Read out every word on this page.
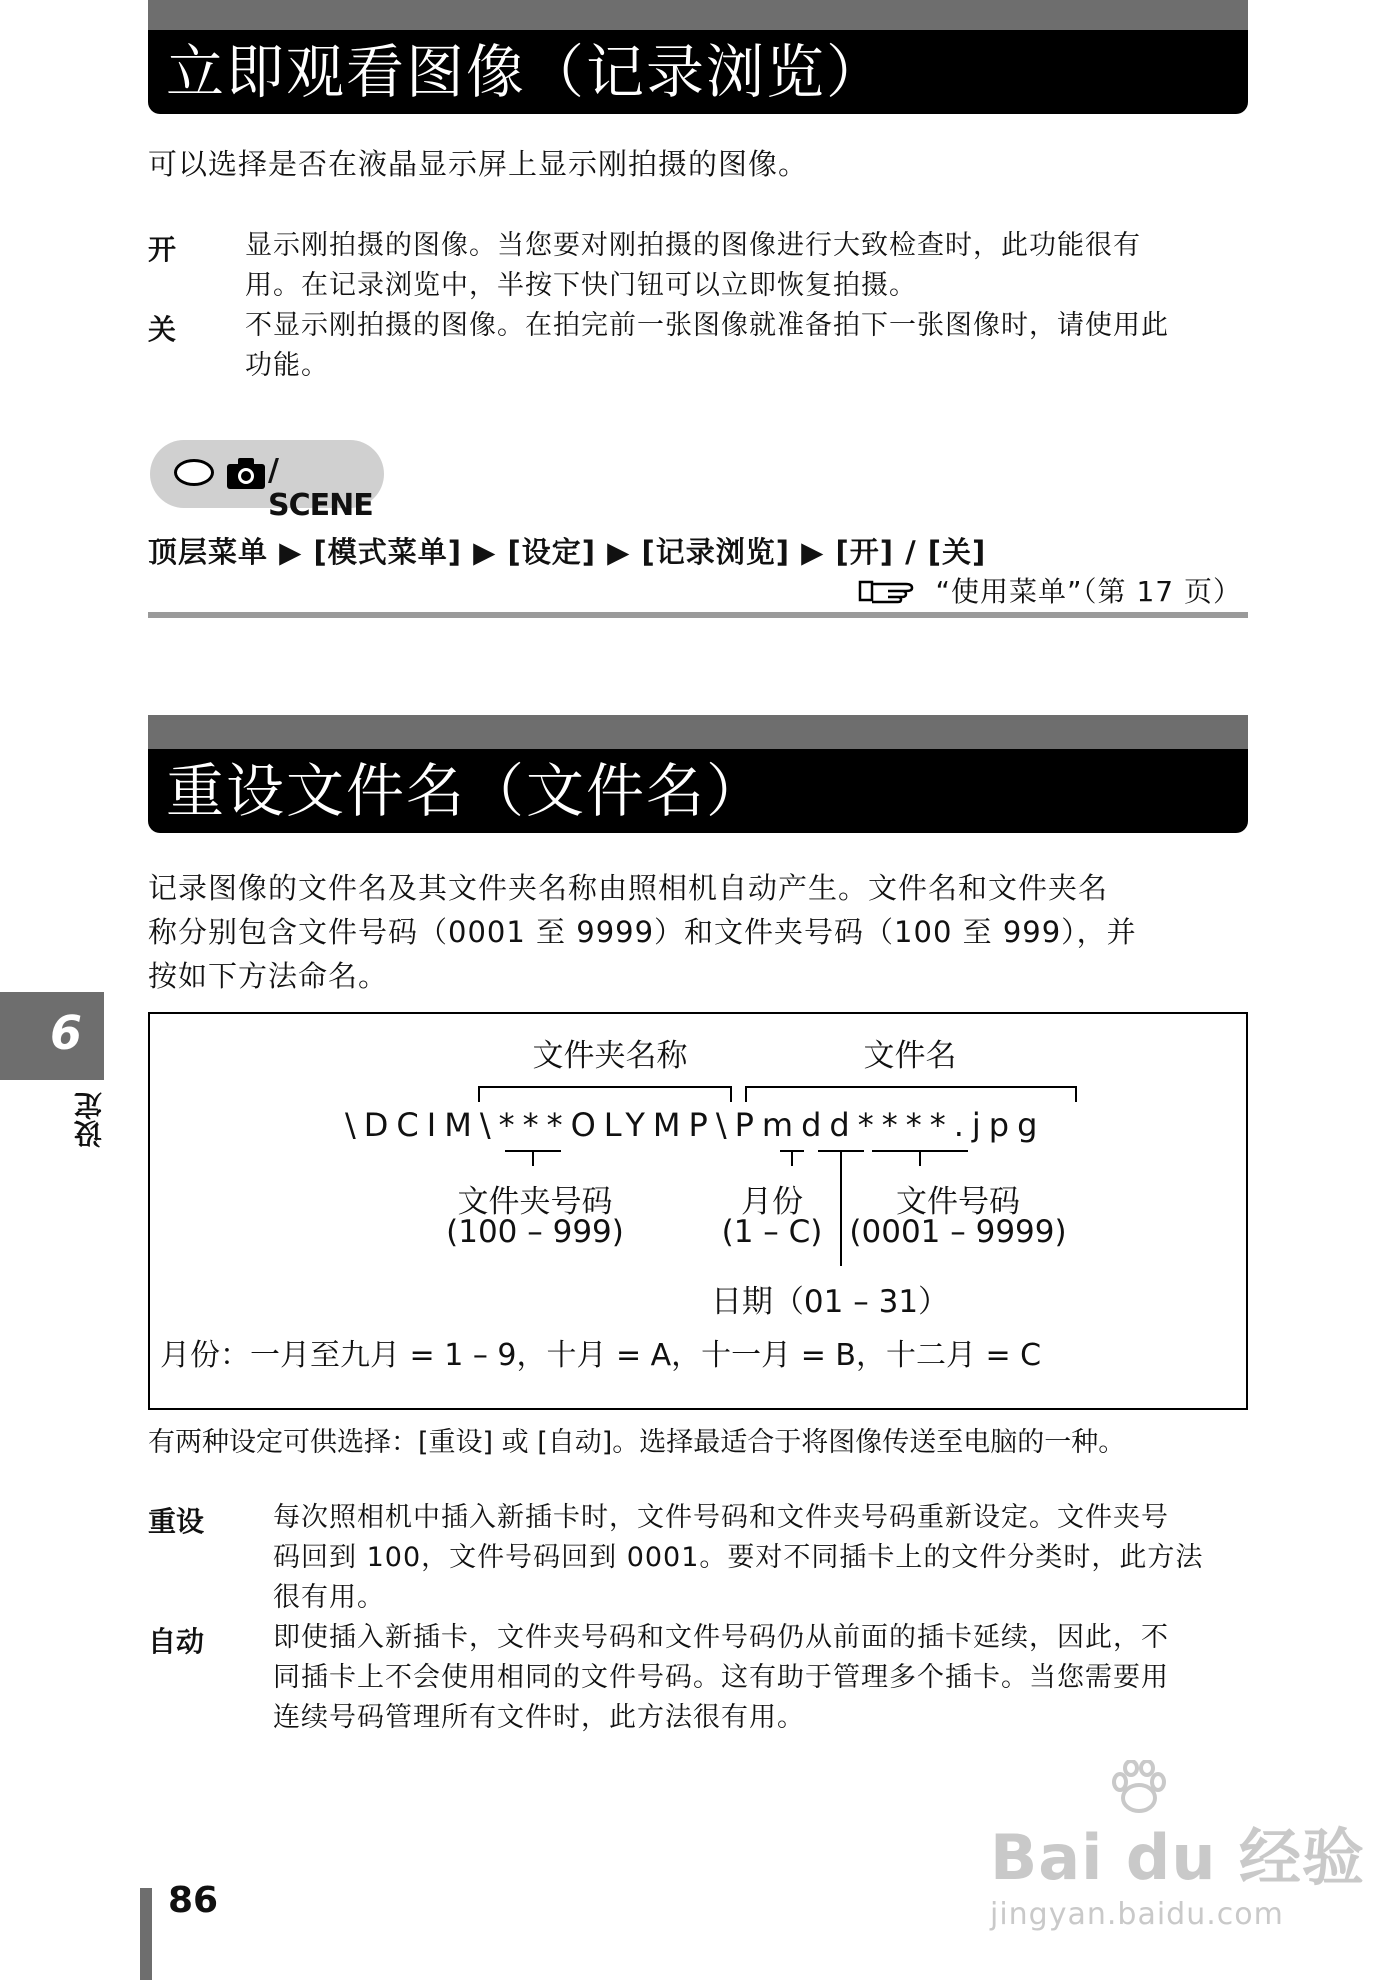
立即观看图像（记录浏览）
可以选择是否在液晶显示屏上显示刚拍摄的图像。
开	显示刚拍摄的图像。当您要对刚拍摄的图像进行大致检查时，此功能很有
用。在记录浏览中，半按下快门钮可以立即恢复拍摄。
关	不显示刚拍摄的图像。在拍完前一张图像就准备拍下一张图像时，请使用此
功能。
/ SCENE
顶层菜单 ▶ [模式菜单] ▶ [设定] ▶ [记录浏览] ▶ [开] / [关]
“使用菜单”（第 17 页）
重设文件名（文件名）
记录图像的文件名及其文件夹名称由照相机自动产生。文件名和文件夹名
称分别包含文件号码（0001 至 9999）和文件夹号码（100 至 999），并
按如下方法命名。
文件夹名称	文件名
\DCIM\***OLYMP\Pmdd****.jpg
文件夹号码
(100 – 999)
月份
(1 – C)
文件号码
(0001 – 9999)
日期（01 – 31）
月份：一月至九月 = 1 – 9，十月 = A，十一月 = B，十二月 = C
有两种设定可供选择：[重设] 或 [自动]。选择最适合于将图像传送至电脑的一种。
重设	每次照相机中插入新插卡时，文件号码和文件夹号码重新设定。文件夹号
码回到 100，文件号码回到 0001。要对不同插卡上的文件分类时，此方法
很有用。
自动	即使插入新插卡，文件夹号码和文件号码仍从前面的插卡延续，因此，不
同插卡上不会使用相同的文件号码。这有助于管理多个插卡。当您需要用
连续号码管理所有文件时，此方法很有用。
6
设定
86
Bai du 经验
jingyan.baidu.com
